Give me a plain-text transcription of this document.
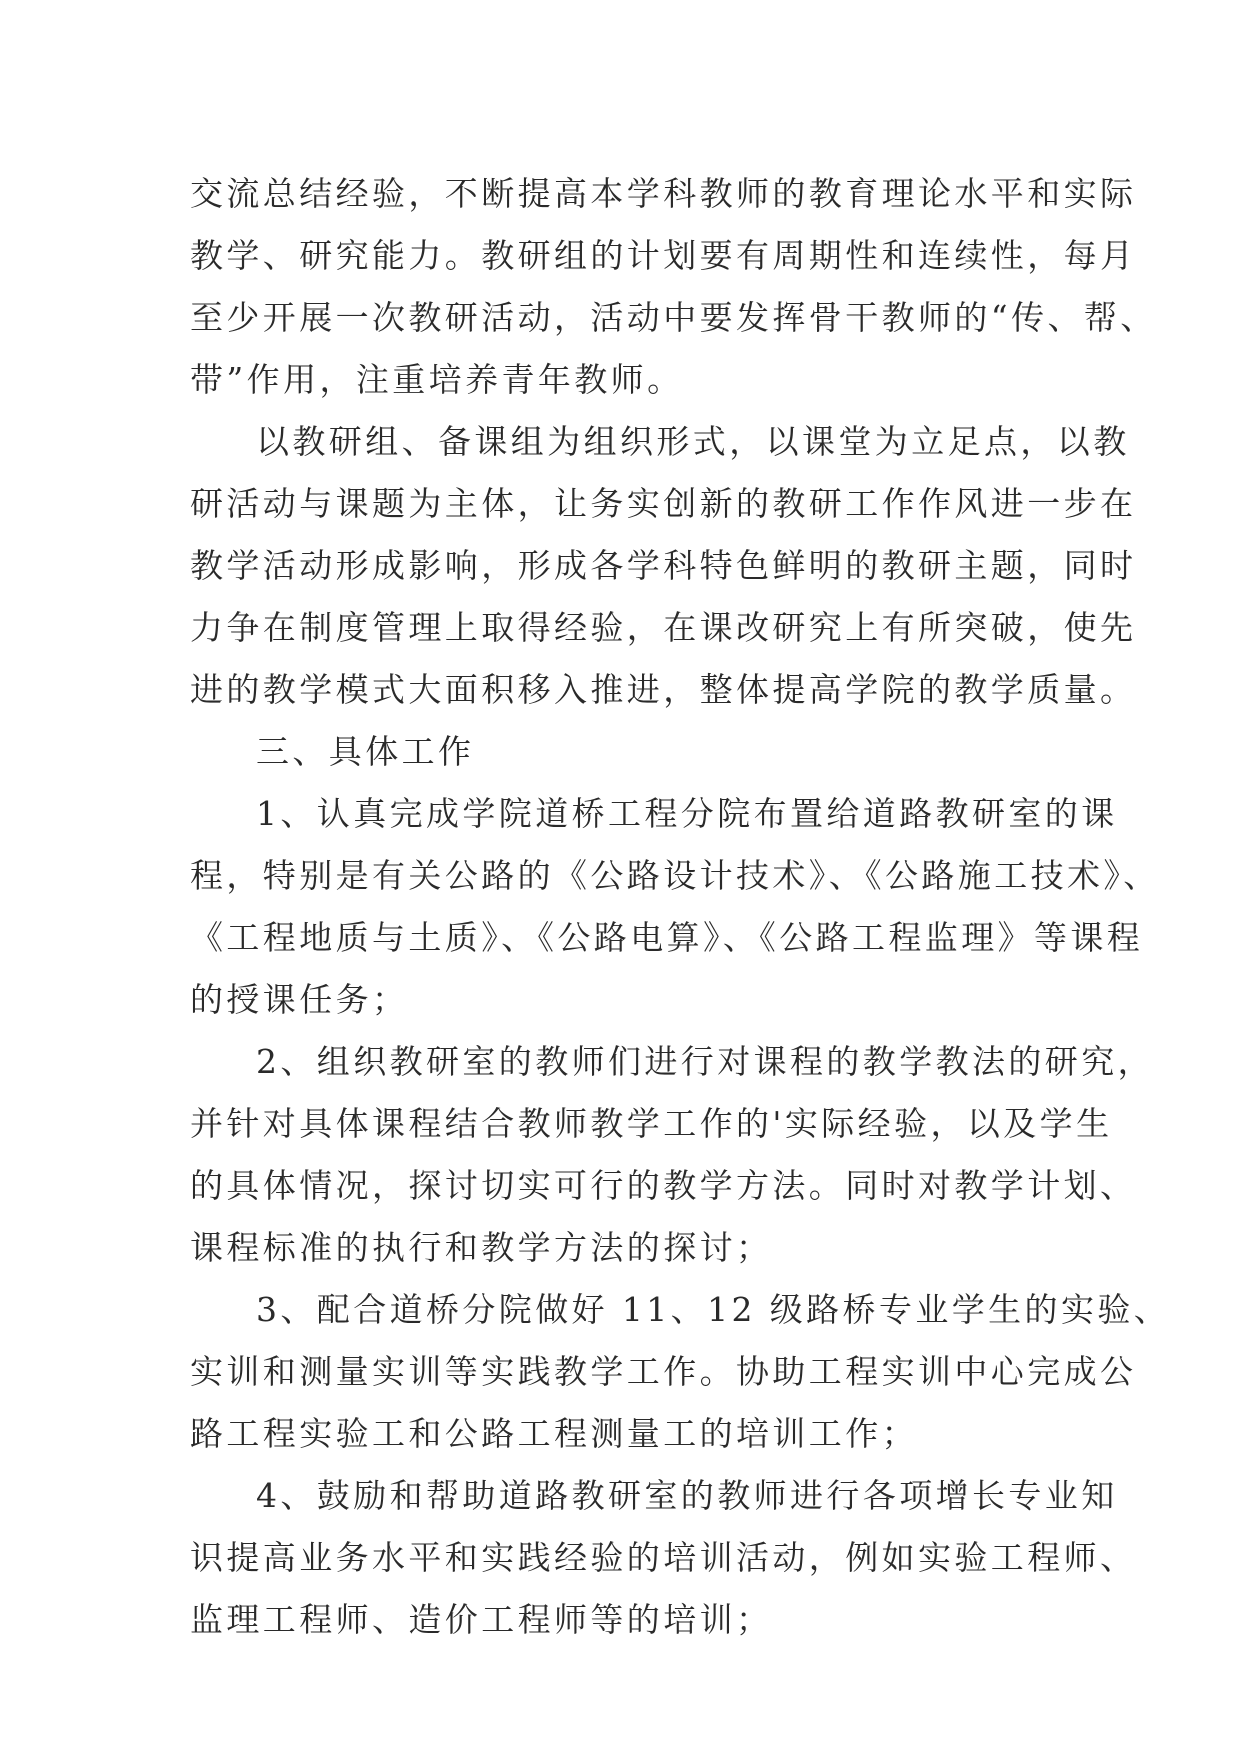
交流总结经验，不断提高本学科教师的教育理论水平和实际
教学、研究能力。教研组的计划要有周期性和连续性，每月
至少开展一次教研活动，活动中要发挥骨干教师的“传、帮、
带”作用，注重培养青年教师。
以教研组、备课组为组织形式，以课堂为立足点，以教
研活动与课题为主体，让务实创新的教研工作作风进一步在
教学活动形成影响，形成各学科特色鲜明的教研主题，同时
力争在制度管理上取得经验，在课改研究上有所突破，使先
进的教学模式大面积移入推进，整体提高学院的教学质量。
三、具体工作
1、认真完成学院道桥工程分院布置给道路教研室的课
程，特别是有关公路的《公路设计技术》、《公路施工技术》、
《工程地质与土质》、《公路电算》、《公路工程监理》等课程
的授课任务；
2、组织教研室的教师们进行对课程的教学教法的研究，
并针对具体课程结合教师教学工作的'实际经验，以及学生
的具体情况，探讨切实可行的教学方法。同时对教学计划、
课程标准的执行和教学方法的探讨；
3、配合道桥分院做好 11、12 级路桥专业学生的实验、
实训和测量实训等实践教学工作。协助工程实训中心完成公
路工程实验工和公路工程测量工的培训工作；
4、鼓励和帮助道路教研室的教师进行各项增长专业知
识提高业务水平和实践经验的培训活动，例如实验工程师、
监理工程师、造价工程师等的培训；
